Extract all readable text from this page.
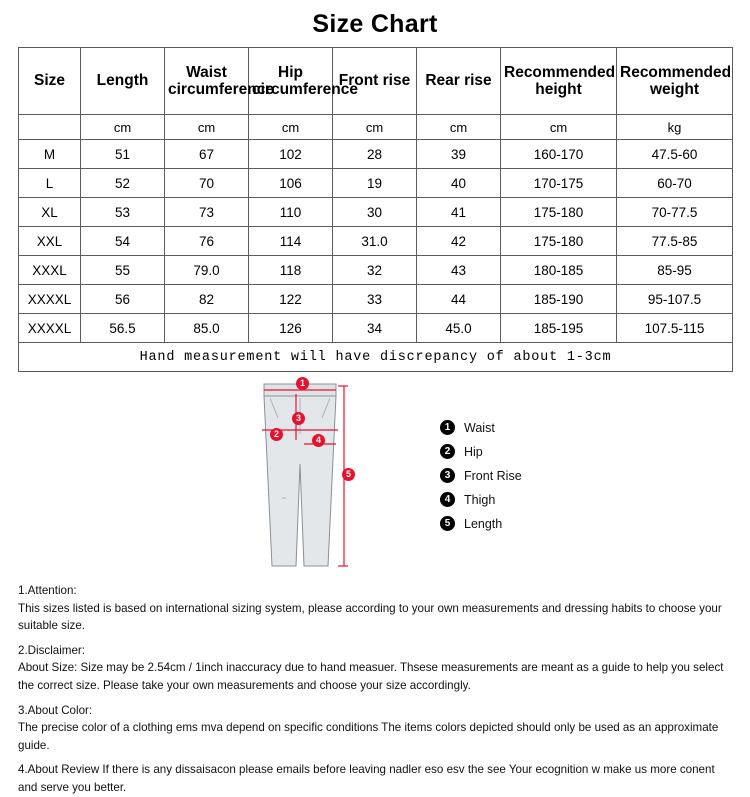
Size Chart
Size	Length	Waist circumference	Hip circumference	Front rise	Rear rise	Recommended height	Recommended weight
	cm	cm	cm	cm	cm	cm	kg
M	51	67	102	28	39	160-170	47.5-60
L	52	70	106	19	40	170-175	60-70
XL	53	73	110	30	41	175-180	70-77.5
XXL	54	76	114	31.0	42	175-180	77.5-85
XXXL	55	79.0	118	32	43	180-185	85-95
XXXXL	56	82	122	33	44	185-190	95-107.5
XXXXL	56.5	85.0	126	34	45.0	185-195	107.5-115
Hand measurement will have discrepancy of about 1-3cm							
1
2
3
4
5
1	Waist
2	Hip
3	Front Rise
4	Thigh
5	Length

1.Attention:

This sizes listed is based on international sizing system, please according to your own measurements and dressing habits to choose your suitable size.

2.Disclaimer:

About Size: Size may be 2.54cm / 1inch inaccuracy due to hand measuer. Thsese measurements are meant as a guide to help you select the correct size. Please take your own measurements and choose your size accordingly.

3.About Color:

The precise color of a clothing ems mva depend on specific conditions The items colors depicted should only be used as an approximate guide.

4.About Review If there is any dissaisacon please emails before leaving nadler eso esv the see Your ecognition w make us more conent and serve you better.
